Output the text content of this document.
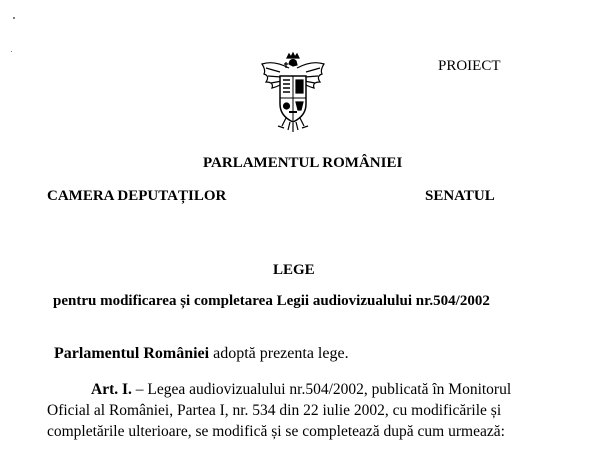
PROIECT
PARLAMENTUL ROMÂNIEI
CAMERA DEPUTAȚILOR	SENATUL
LEGE
pentru modificarea și completarea Legii audiovizualului nr.504/2002
Parlamentul României adoptă prezenta lege.
Art. I. – Legea audiovizualului nr.504/2002, publicată în Monitorul
Oficial al României, Partea I, nr. 534 din 22 iulie 2002, cu modificările și
completările ulterioare, se modifică și se completează după cum urmează:
